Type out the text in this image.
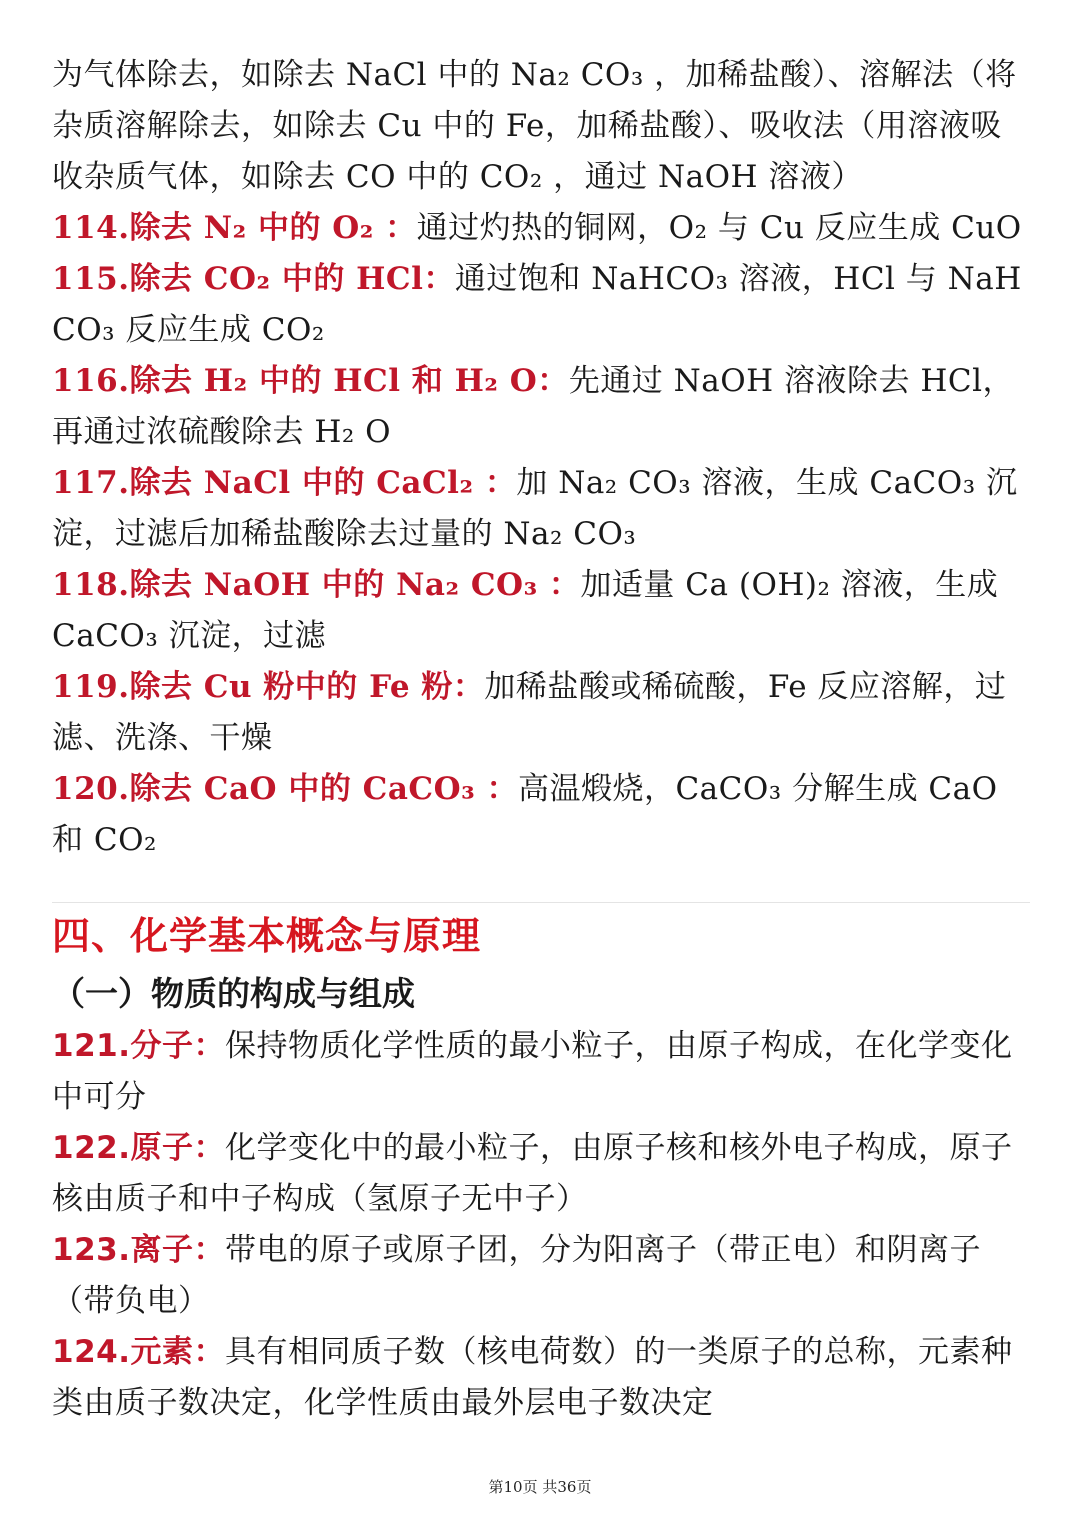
为气体除去，如除去 NaCl 中的 Na₂ CO₃ ，加稀盐酸）、溶解法（将杂质溶解除去，如除去 Cu 中的 Fe，加稀盐酸）、吸收法（用溶液吸收杂质气体，如除去 CO 中的 CO₂ ，通过 NaOH 溶液）

114.除去 N₂ 中的 O₂ ：通过灼热的铜网，O₂ 与 Cu 反应生成 CuO

115.除去 CO₂ 中的 HCl：通过饱和 NaHCO₃ 溶液，HCl 与 NaHCO₃ 反应生成 CO₂

116.除去 H₂ 中的 HCl 和 H₂ O：先通过 NaOH 溶液除去 HCl，再通过浓硫酸除去 H₂ O

117.除去 NaCl 中的 CaCl₂ ：加 Na₂ CO₃ 溶液，生成 CaCO₃ 沉淀，过滤后加稀盐酸除去过量的 Na₂ CO₃

118.除去 NaOH 中的 Na₂ CO₃ ：加适量 Ca (OH)₂ 溶液，生成 CaCO₃ 沉淀，过滤

119.除去 Cu 粉中的 Fe 粉：加稀盐酸或稀硫酸，Fe 反应溶解，过滤、洗涤、干燥

120.除去 CaO 中的 CaCO₃ ：高温煅烧，CaCO₃ 分解生成 CaO 和 CO₂

四、化学基本概念与原理
（一）物质的构成与组成

121.分子：保持物质化学性质的最小粒子，由原子构成，在化学变化中可分

122.原子：化学变化中的最小粒子，由原子核和核外电子构成，原子核由质子和中子构成（氢原子无中子）

123.离子：带电的原子或原子团，分为阳离子（带正电）和阴离子（带负电）

124.元素：具有相同质子数（核电荷数）的一类原子的总称，元素种类由质子数决定，化学性质由最外层电子数决定

第10页 共36页
